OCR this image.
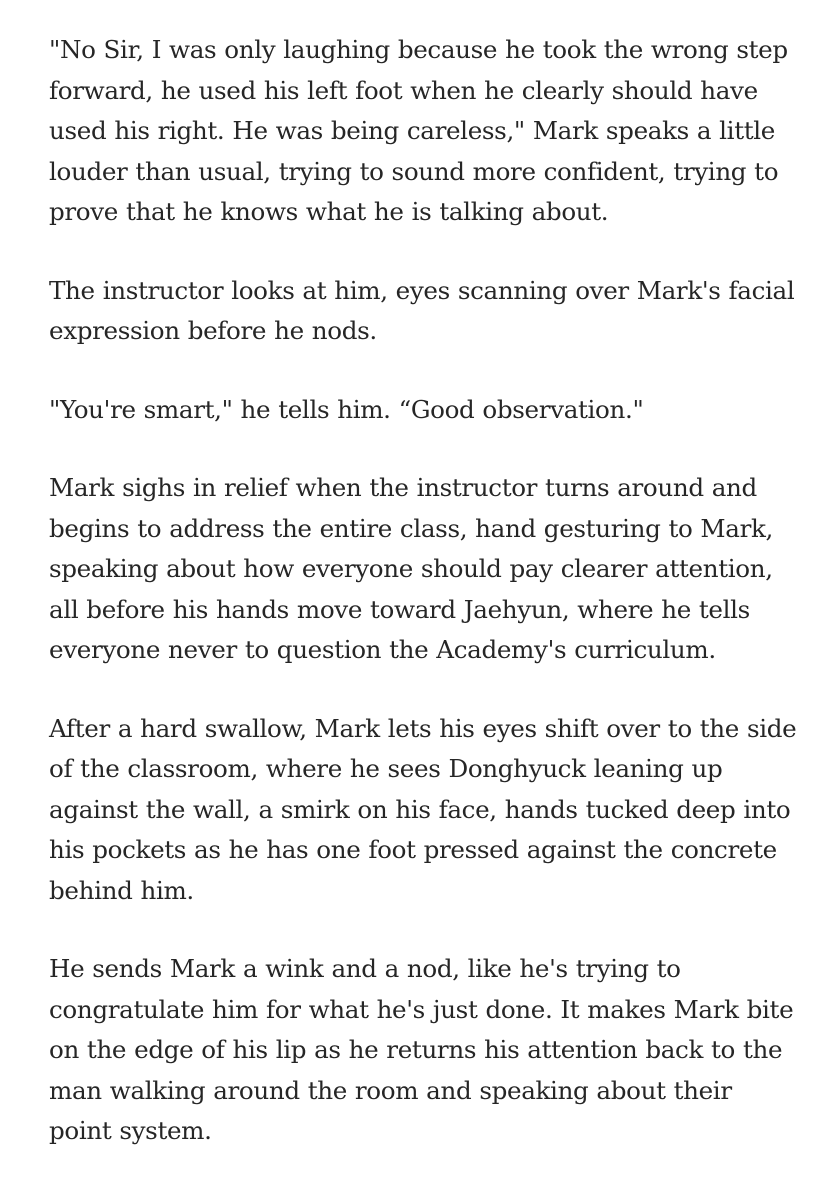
"No Sir, I was only laughing because he took the wrong step
forward, he used his left foot when he clearly should have
used his right. He was being careless," Mark speaks a little
louder than usual, trying to sound more confident, trying to
prove that he knows what he is talking about.

The instructor looks at him, eyes scanning over Mark's facial
expression before he nods.

"You're smart," he tells him. “Good observation."

Mark sighs in relief when the instructor turns around and
begins to address the entire class, hand gesturing to Mark,
speaking about how everyone should pay clearer attention,
all before his hands move toward Jaehyun, where he tells
everyone never to question the Academy's curriculum.

After a hard swallow, Mark lets his eyes shift over to the side
of the classroom, where he sees Donghyuck leaning up
against the wall, a smirk on his face, hands tucked deep into
his pockets as he has one foot pressed against the concrete
behind him.

He sends Mark a wink and a nod, like he's trying to
congratulate him for what he's just done. It makes Mark bite
on the edge of his lip as he returns his attention back to the
man walking around the room and speaking about their
point system.
